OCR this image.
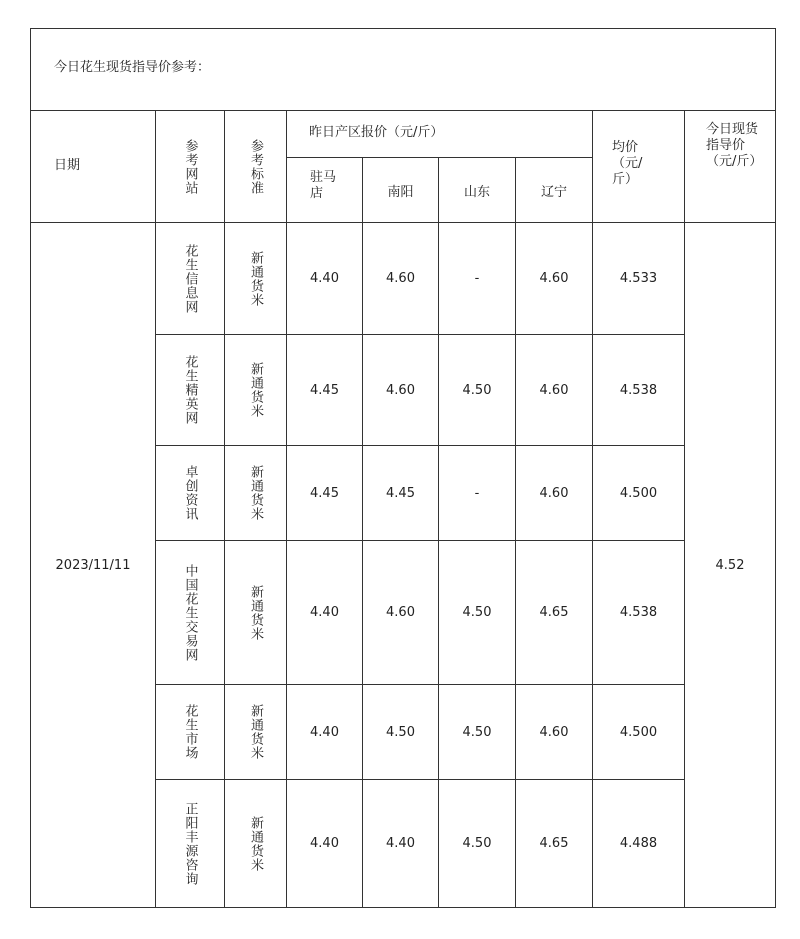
今日花生现货指导价参考：
日期	参考网站	参考标准
昨日产区报价（元/斤）
驻马店	南阳	山东	辽宁
均价（元/斤）
今日现货指导价（元/斤）
2023/11/11	4.52
花生信息网	新通货米	4.40	4.60	-	4.60	4.533
花生精英网	新通货米	4.45	4.60	4.50	4.60	4.538
卓创资讯	新通货米	4.45	4.45	-	4.60	4.500
中国花生交易网	新通货米	4.40	4.60	4.50	4.65	4.538
花生市场	新通货米	4.40	4.50	4.50	4.60	4.500
正阳丰源咨询	新通货米	4.40	4.40	4.50	4.65	4.488
